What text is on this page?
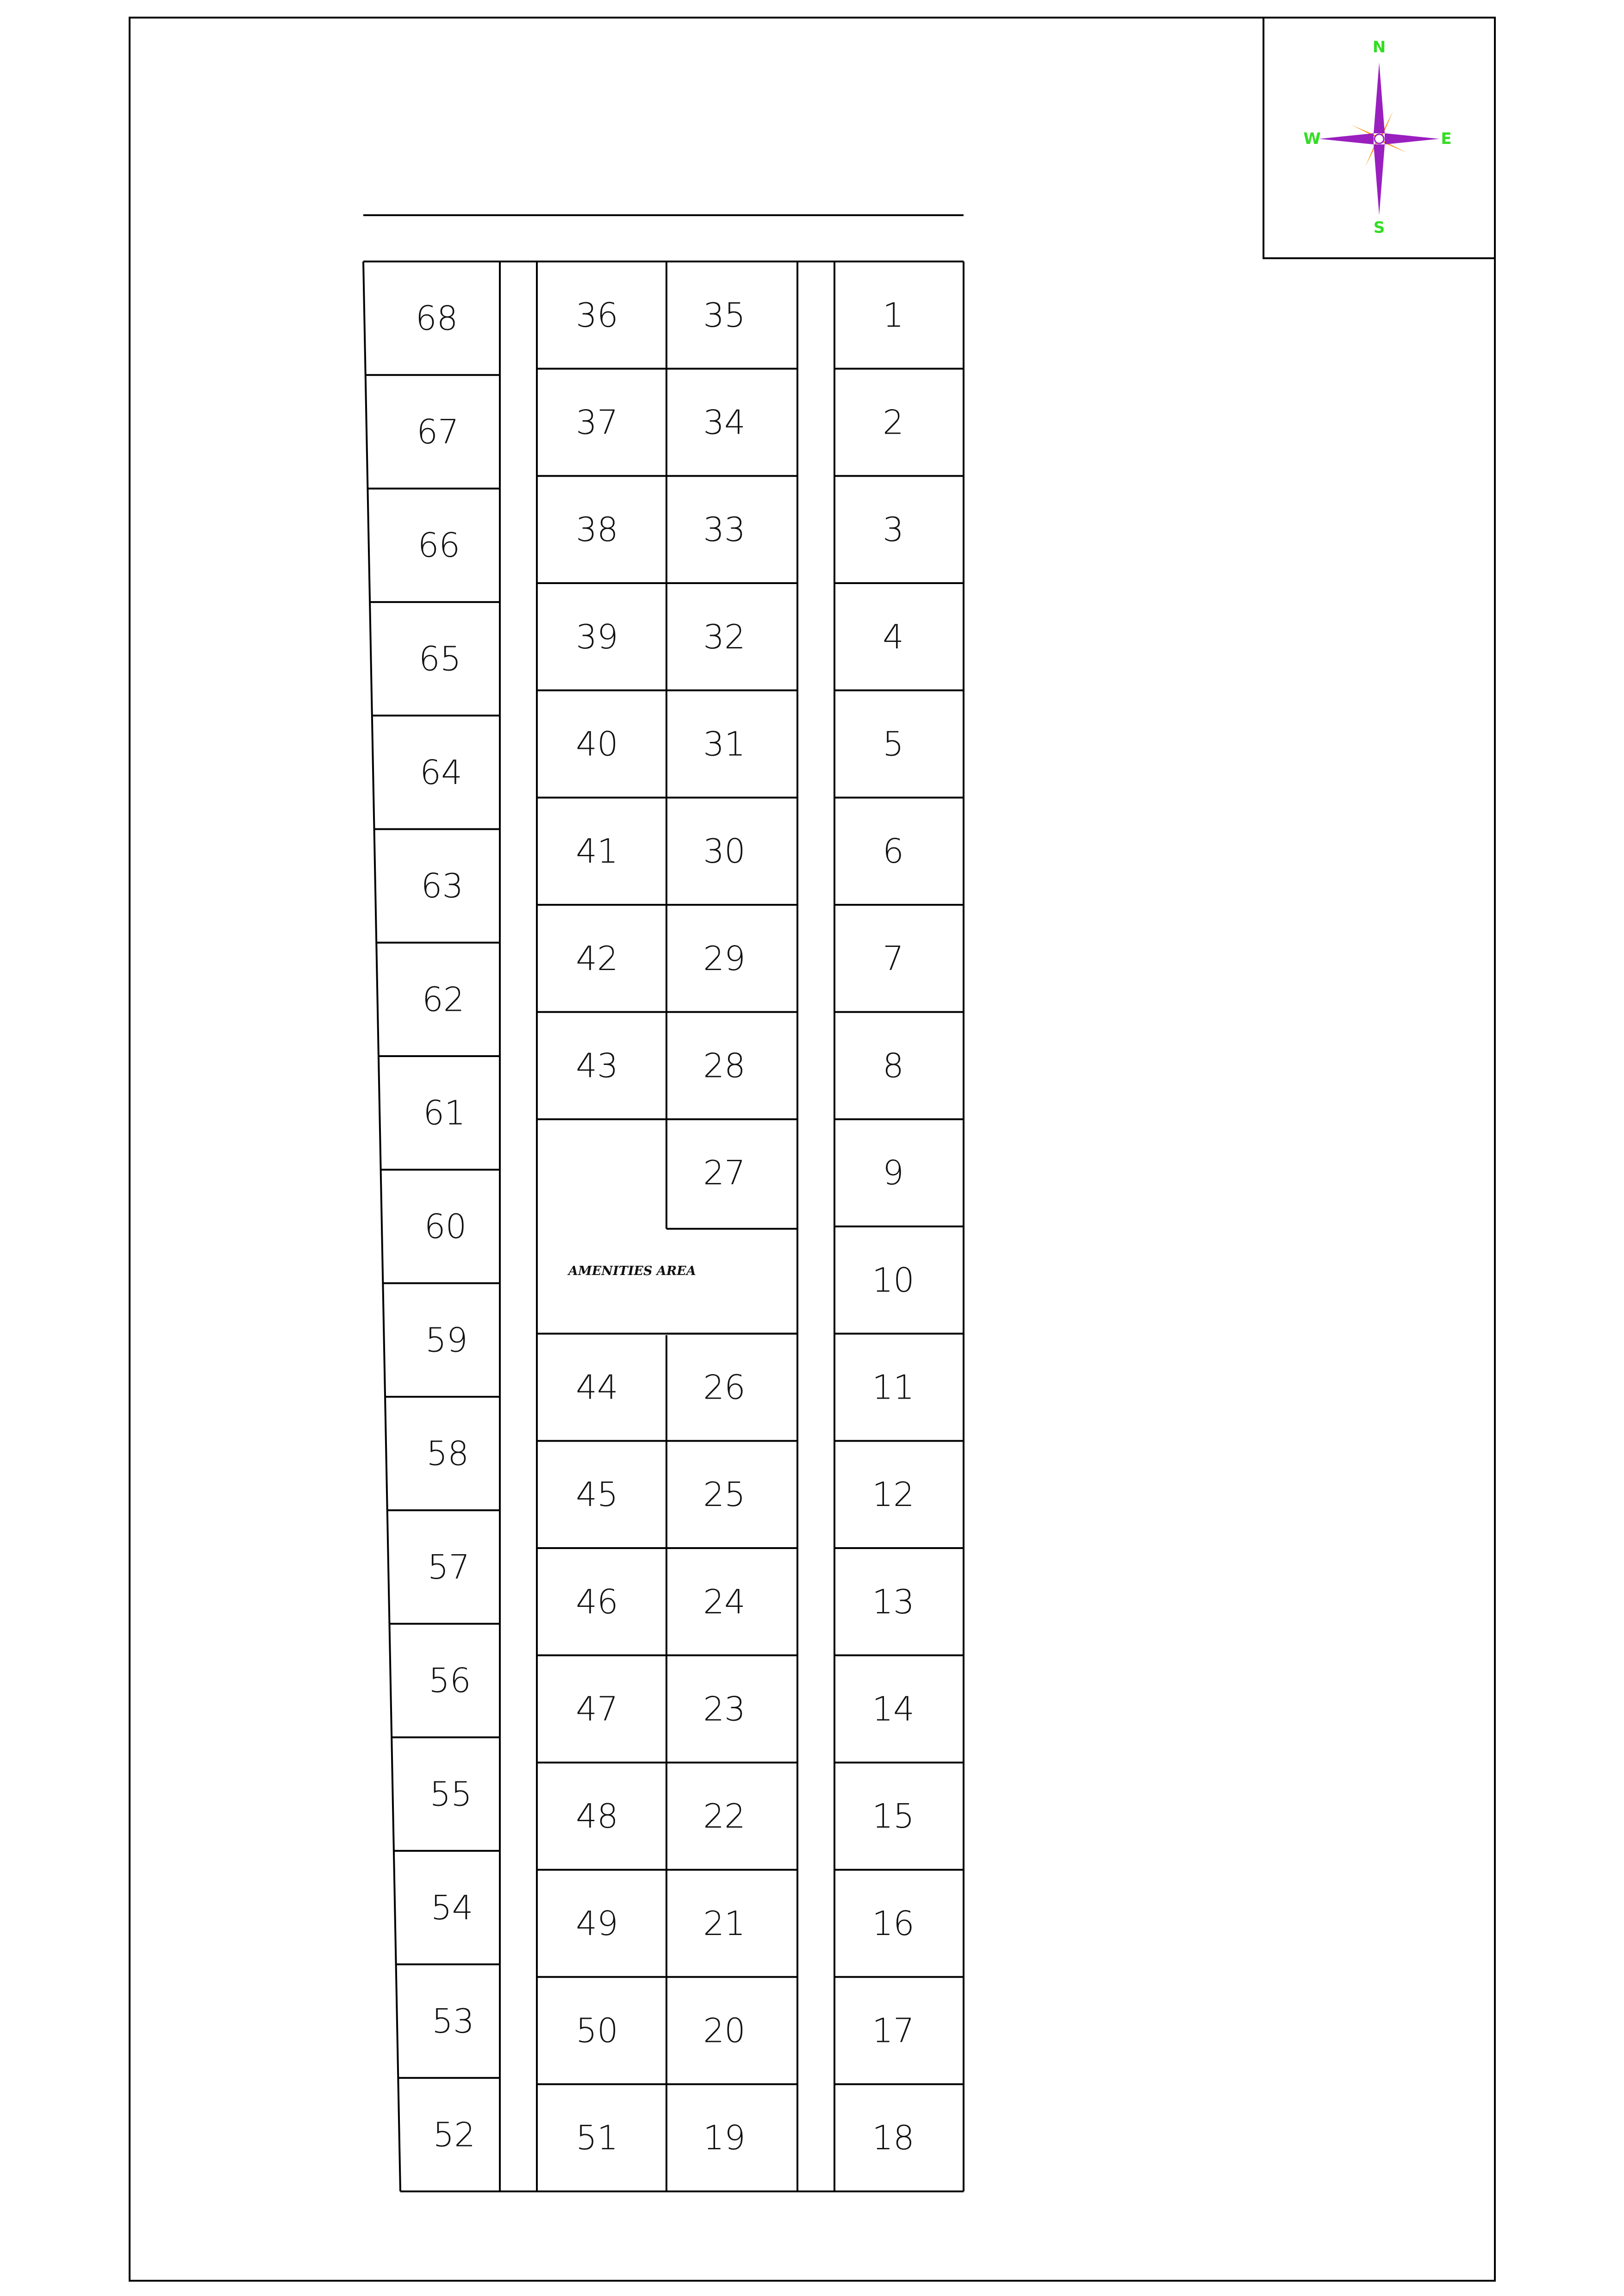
N
S
E
W
1
2
3
4
5
6
7
8
9
10
11
12
13
14
15
16
17
18
35
34
33
32
31
30
29
28
27
26
25
24
23
22
21
20
19
36
37
38
39
40
41
42
43
44
45
46
47
48
49
50
51
68
67
66
65
64
63
62
61
60
59
58
57
56
55
54
53
52
AMENITIES AREA
